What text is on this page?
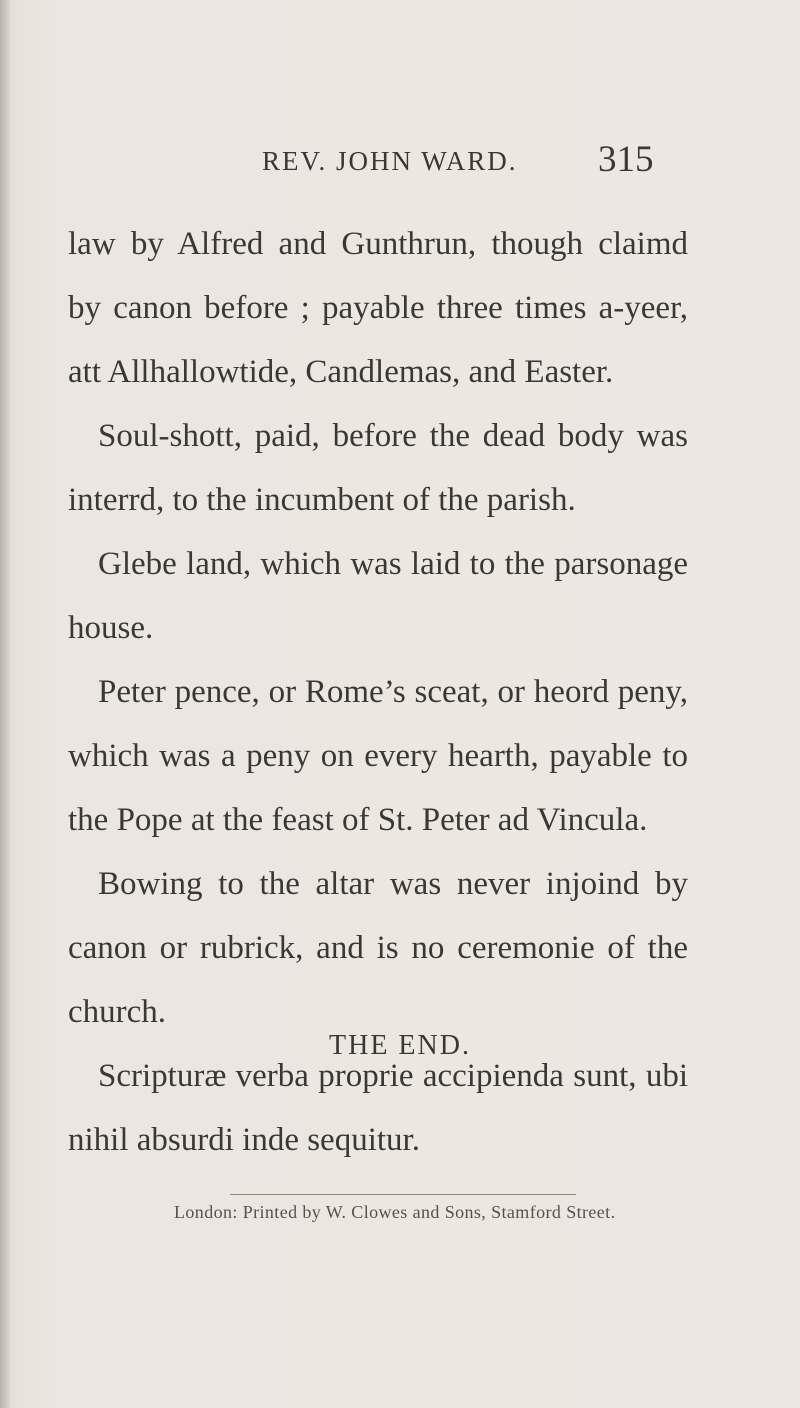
REV. JOHN WARD. 315
law by Alfred and Gunthrun, though claimd
by canon before ; payable three times a-yeer,
att Allhallowtide, Candlemas, and Easter.
Soul-shott, paid, before the dead body was
interrd, to the incumbent of the parish.
Glebe land, which was laid to the parsonage
house.
Peter pence, or Rome’s sceat, or heord peny,
which was a peny on every hearth, payable to
the Pope at the feast of St. Peter ad Vincula.
Bowing to the altar was never injoind by
canon or rubrick, and is no ceremonie of the
church.
Scripturæ verba proprie accipienda sunt, ubi
nihil absurdi inde sequitur.
THE END.
London: Printed by W. Clowes and Sons, Stamford Street.
